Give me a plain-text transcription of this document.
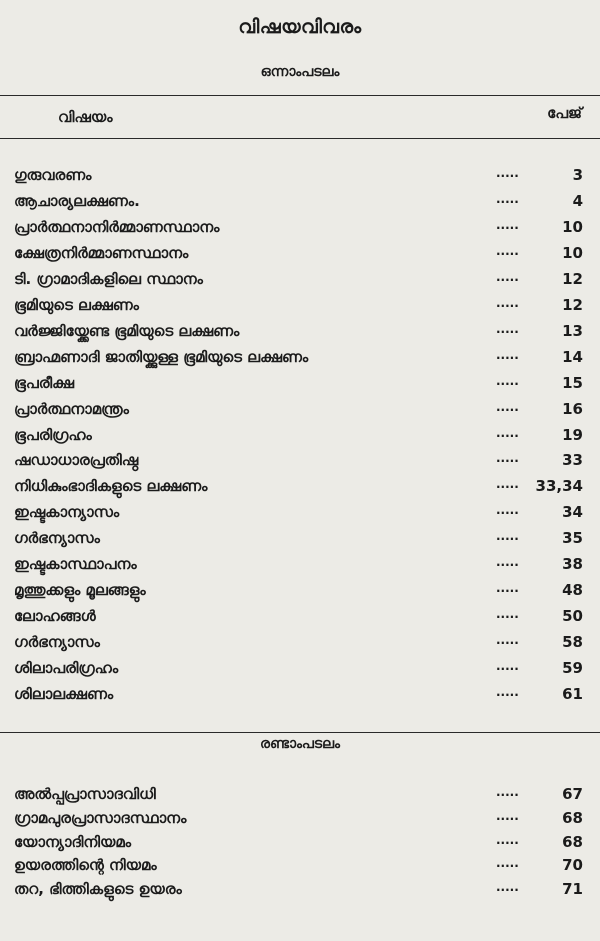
വിഷയവിവരം
ഒന്നാംപടലം
വിഷയം	പേജ്
ഗുരുവരണം	.....	3
ആചാര്യലക്ഷണം.	.....	4
പ്രാർത്ഥനാനിർമ്മാണസ്ഥാനം	.....	10
ക്ഷേത്രനിർമ്മാണസ്ഥാനം	.....	10
ടി. ഗ്രാമാദികളിലെ സ്ഥാനം	.....	12
ഭൂമിയുടെ ലക്ഷണം	.....	12
വർജ്ജിയ്ക്കേണ്ട ഭൂമിയുടെ ലക്ഷണം	.....	13
ബ്രാഹ്മണാദി ജാതിയ്ക്കുള്ള ഭൂമിയുടെ ലക്ഷണം	.....	14
ഭൂപരീക്ഷ	.....	15
പ്രാർത്ഥനാമന്ത്രം	.....	16
ഭൂപരിഗ്രഹം	.....	19
ഷഡാധാരപ്രതിഷ്ഠ	.....	33
നിധികുംഭാദികളുടെ ലക്ഷണം	.....	33,34
ഇഷ്ടകാന്യാസം	.....	34
ഗർഭന്യാസം	.....	35
ഇഷ്ടകാസ്ഥാപനം	.....	38
മൃത്തുക്കളും മൂലങ്ങളും	.....	48
ലോഹങ്ങൾ	.....	50
ഗർഭന്യാസം	.....	58
ശിലാപരിഗ്രഹം	.....	59
ശിലാലക്ഷണം	.....	61
രണ്ടാംപടലം
അൽപ്പപ്രാസാദവിധി	.....	67
ഗ്രാമപുരപ്രാസാദസ്ഥാനം	.....	68
യോന്യാദിനിയമം	.....	68
ഉയരത്തിന്റെ നിയമം	.....	70
തറ, ഭിത്തികളുടെ ഉയരം	.....	71
